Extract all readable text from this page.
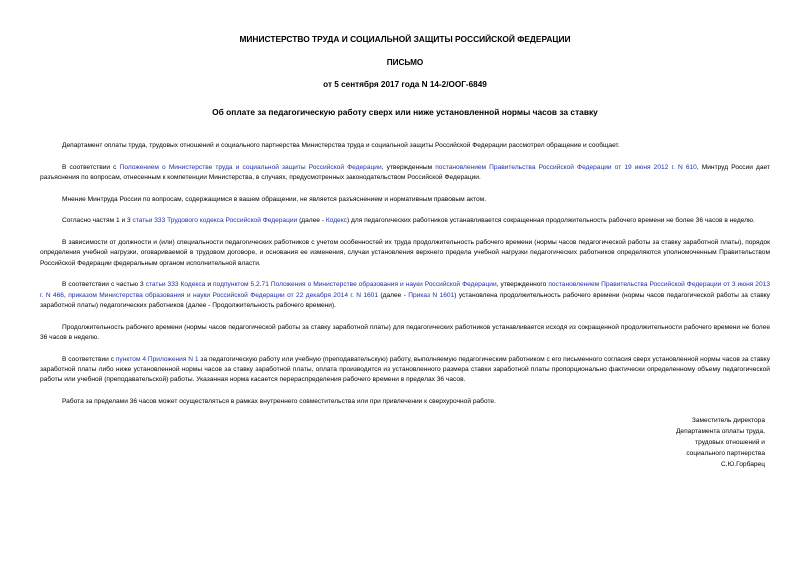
МИНИСТЕРСТВО ТРУДА И СОЦИАЛЬНОЙ ЗАЩИТЫ РОССИЙСКОЙ ФЕДЕРАЦИИ
ПИСЬМО
от 5 сентября 2017 года N 14-2/ООГ-6849
Об оплате за педагогическую работу сверх или ниже установленной нормы часов за ставку

Департамент оплаты труда, трудовых отношений и социального партнерства Министерства труда и социальной защиты Российской Федерации рассмотрел обращение и сообщает.

В соответствии с Положением о Министерстве труда и социальной защиты Российской Федерации, утвержденным постановлением Правительства Российской Федерации от 19 июня 2012 г. N 610, Минтруд России дает разъяснения по вопросам, отнесенным к компетенции Министерства, в случаях, предусмотренных законодательством Российской Федерации.

Мнение Минтруда России по вопросам, содержащимся в вашем обращении, не является разъяснением и нормативным правовым актом.

Согласно частям 1 и 3 статьи 333 Трудового кодекса Российской Федерации (далее - Кодекс) для педагогических работников устанавливается сокращенная продолжительность рабочего времени не более 36 часов в неделю.

В зависимости от должности и (или) специальности педагогических работников с учетом особенностей их труда продолжительность рабочего времени (нормы часов педагогической работы за ставку заработной платы), порядок определения учебной нагрузки, оговариваемой в трудовом договоре, и основания ее изменения, случаи установления верхнего предела учебной нагрузки педагогических работников определяются уполномоченным Правительством Российской Федерации федеральным органом исполнительной власти.

В соответствии с частью 3 статьи 333 Кодекса и подпунктом 5.2.71 Положения о Министерстве образования и науки Российской Федерации, утвержденного постановлением Правительства Российской Федерации от 3 июня 2013 г. N 466, приказом Министерства образования и науки Российской Федерации от 22 декабря 2014 г. N 1601 (далее - Приказ N 1601) установлена продолжительность рабочего времени (нормы часов педагогической работы за ставку заработной платы) педагогических работников (далее - Продолжительность рабочего времени).

Продолжительность рабочего времени (нормы часов педагогической работы за ставку заработной платы) для педагогических работников устанавливается исходя из сокращенной продолжительности рабочего времени не более 36 часов в неделю.

В соответствии с пунктом 4 Приложения N 1 за педагогическую работу или учебную (преподавательскую) работу, выполняемую педагогическим работником с его письменного согласия сверх установленной нормы часов за ставку заработной платы либо ниже установленной нормы часов за ставку заработной платы, оплата производится из установленного размера ставки заработной платы пропорционально фактически определенному объему педагогической работы или учебной (преподавательской) работы. Указанная норма касается перераспределения рабочего времени в пределах 36 часов.

Работа за пределами 36 часов может осуществляться в рамках внутреннего совместительства или при привлечении к сверхурочной работе.

Заместитель директора
Департамента оплаты труда,
трудовых отношений и
социального партнерства
С.Ю.Горбарец
